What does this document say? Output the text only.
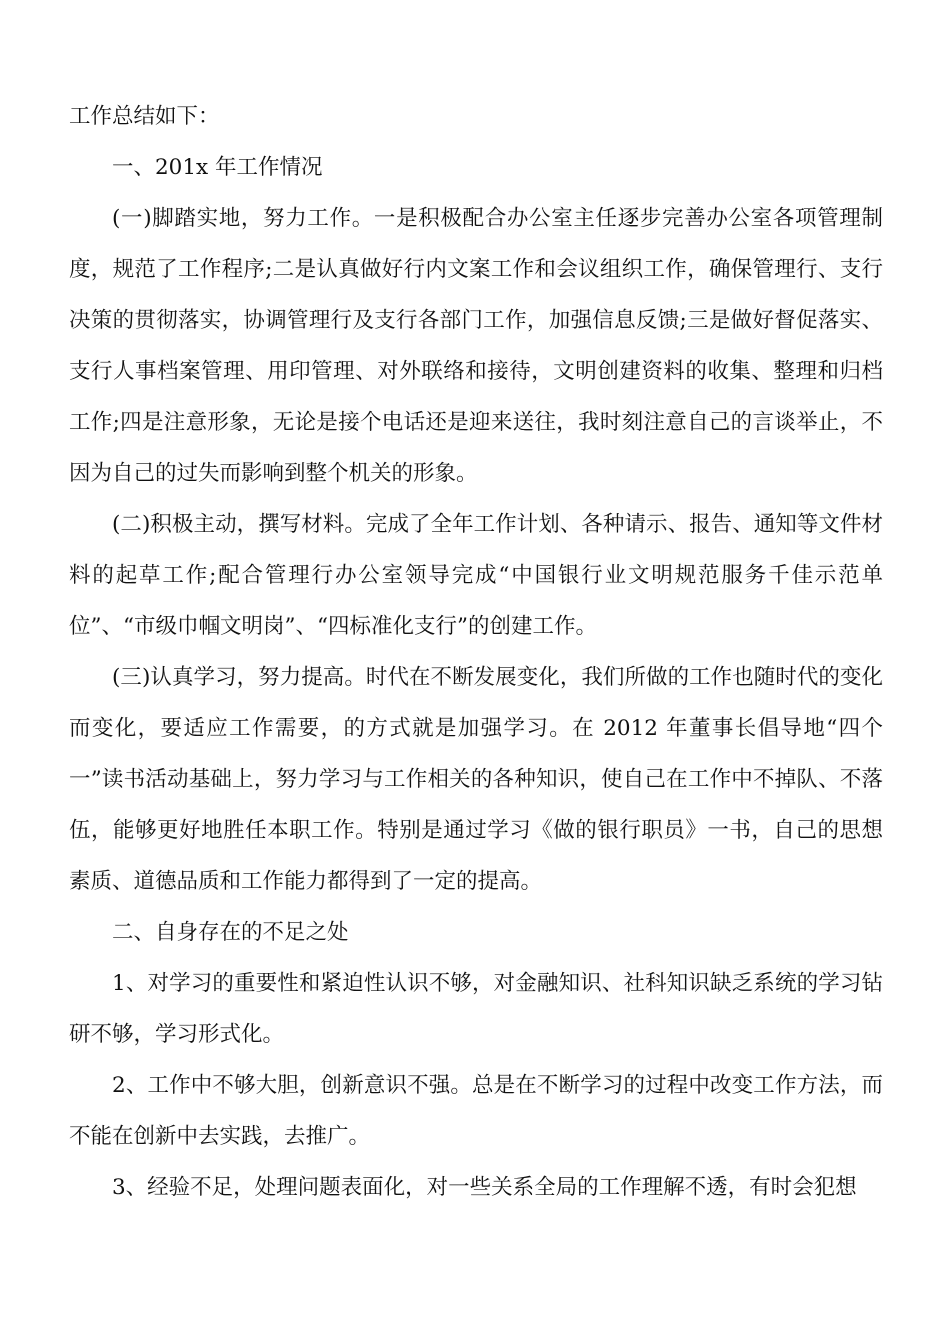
工作总结如下：

一、201x 年工作情况

(一)脚踏实地，努力工作。一是积极配合办公室主任逐步完善办公室各项管理制度，规范了工作程序;二是认真做好行内文案工作和会议组织工作，确保管理行、支行决策的贯彻落实，协调管理行及支行各部门工作，加强信息反馈;三是做好督促落实、支行人事档案管理、用印管理、对外联络和接待，文明创建资料的收集、整理和归档工作;四是注意形象，无论是接个电话还是迎来送往，我时刻注意自己的言谈举止，不因为自己的过失而影响到整个机关的形象。

(二)积极主动，撰写材料。完成了全年工作计划、各种请示、报告、通知等文件材料的起草工作;配合管理行办公室领导完成“中国银行业文明规范服务千佳示范单位”、“市级巾帼文明岗”、“四标准化支行”的创建工作。

(三)认真学习，努力提高。时代在不断发展变化，我们所做的工作也随时代的变化而变化，要适应工作需要，的方式就是加强学习。在 2012 年董事长倡导地“四个一”读书活动基础上，努力学习与工作相关的各种知识，使自己在工作中不掉队、不落伍，能够更好地胜任本职工作。特别是通过学习《做的银行职员》一书，自己的思想素质、道德品质和工作能力都得到了一定的提高。

二、自身存在的不足之处

1、对学习的重要性和紧迫性认识不够，对金融知识、社科知识缺乏系统的学习钻研不够，学习形式化。

2、工作中不够大胆，创新意识不强。总是在不断学习的过程中改变工作方法，而不能在创新中去实践，去推广。

3、经验不足，处理问题表面化，对一些关系全局的工作理解不透，有时会犯想
